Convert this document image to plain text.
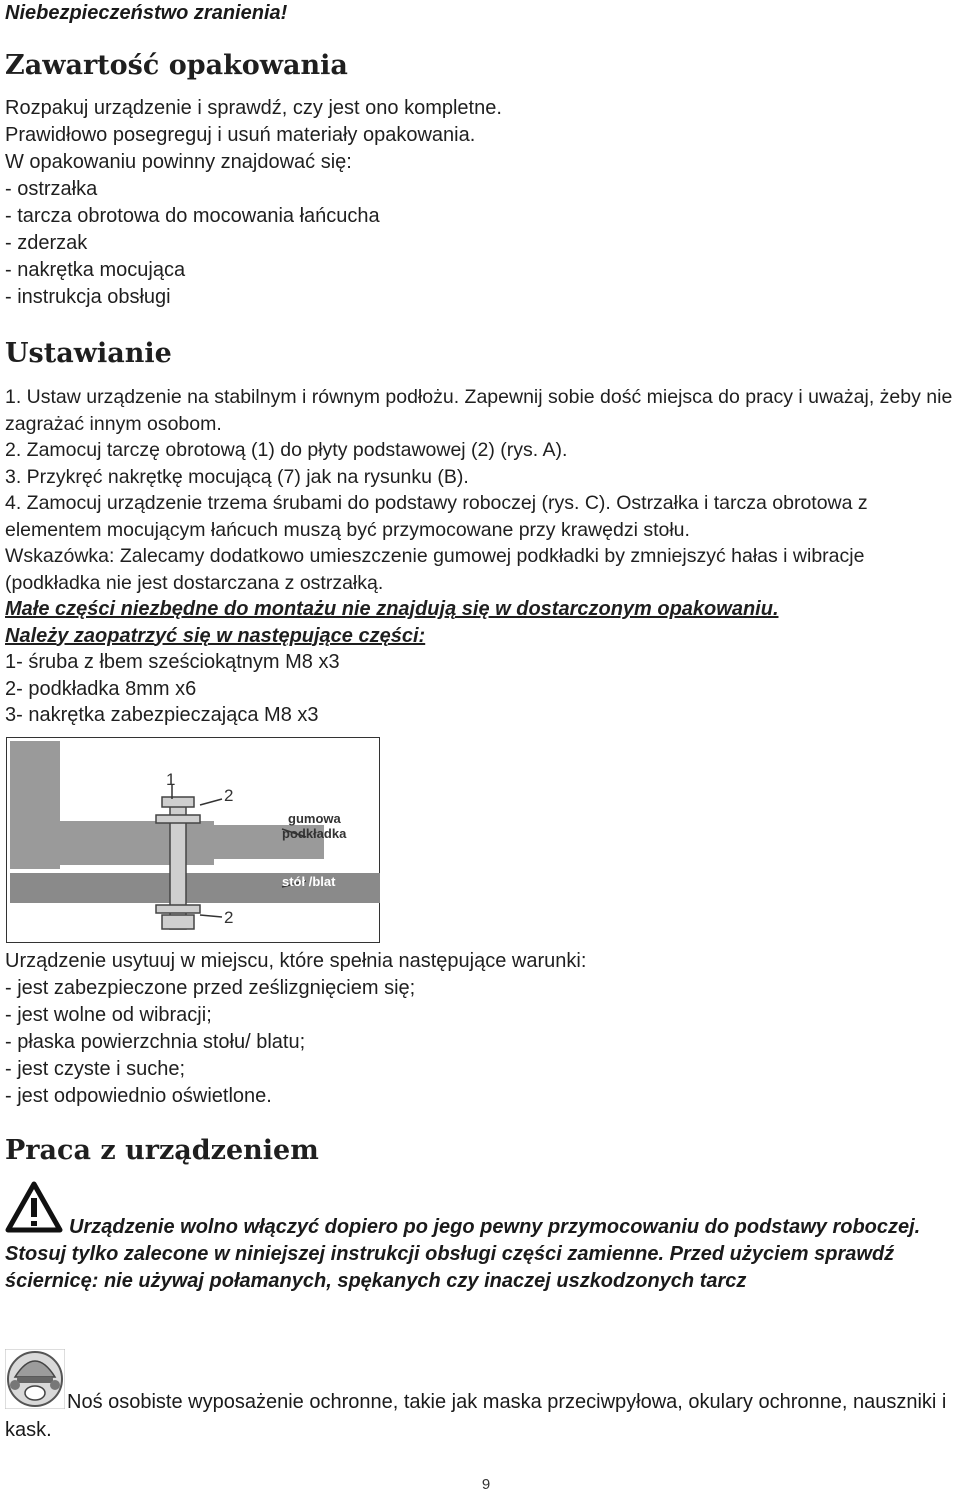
Niebezpieczeństwo zranienia!
Zawartość opakowania
Rozpakuj urządzenie i sprawdź, czy jest ono kompletne.
Prawidłowo posegreguj i usuń materiały opakowania.
W opakowaniu powinny znajdować się:
- ostrzałka
- tarcza obrotowa do mocowania łańcucha
- zderzak
- nakrętka mocująca
- instrukcja obsługi
Ustawianie
1. Ustaw urządzenie na stabilnym i równym podłożu. Zapewnij sobie dość miejsca do pracy i uważaj, żeby nie zagrażać innym osobom.
2. Zamocuj tarczę obrotową (1) do płyty podstawowej (2) (rys. A).
3. Przykręć nakrętkę mocującą (7) jak na rysunku (B).
4. Zamocuj urządzenie trzema śrubami do podstawy roboczej (rys. C). Ostrzałka i tarcza obrotowa z elementem mocującym łańcuch muszą być przymocowane przy krawędzi stołu.
Wskazówka: Zalecamy dodatkowo umieszczenie gumowej podkładki by zmniejszyć hałas i wibracje (podkładka nie jest dostarczana z ostrzałką.
Małe części niezbędne do montażu nie znajdują się w dostarczonym opakowaniu.
Należy zaopatrzyć się w następujące części:
1- śruba z łbem sześciokątnym M8 x3
2- podkładka 8mm x6
3- nakrętka zabezpieczająca M8 x3
1
2
2
gumowa
podkładka
stół /blat
Urządzenie usytuuj w miejscu, które spełnia następujące warunki:
- jest zabezpieczone przed ześlizgnięciem się;
- jest wolne od wibracji;
- płaska powierzchnia stołu/ blatu;
- jest czyste i suche;
- jest odpowiednio oświetlone.
Praca z urządzeniem
Urządzenie wolno włączyć dopiero po jego pewny przymocowaniu do podstawy roboczej. Stosuj tylko zalecone w niniejszej instrukcji obsługi części zamienne. Przed użyciem sprawdź ściernicę: nie używaj połamanych, spękanych czy inaczej uszkodzonych tarcz
Noś osobiste wyposażenie ochronne, takie jak maska przeciwpyłowa, okulary ochronne, nauszniki i kask.
9
